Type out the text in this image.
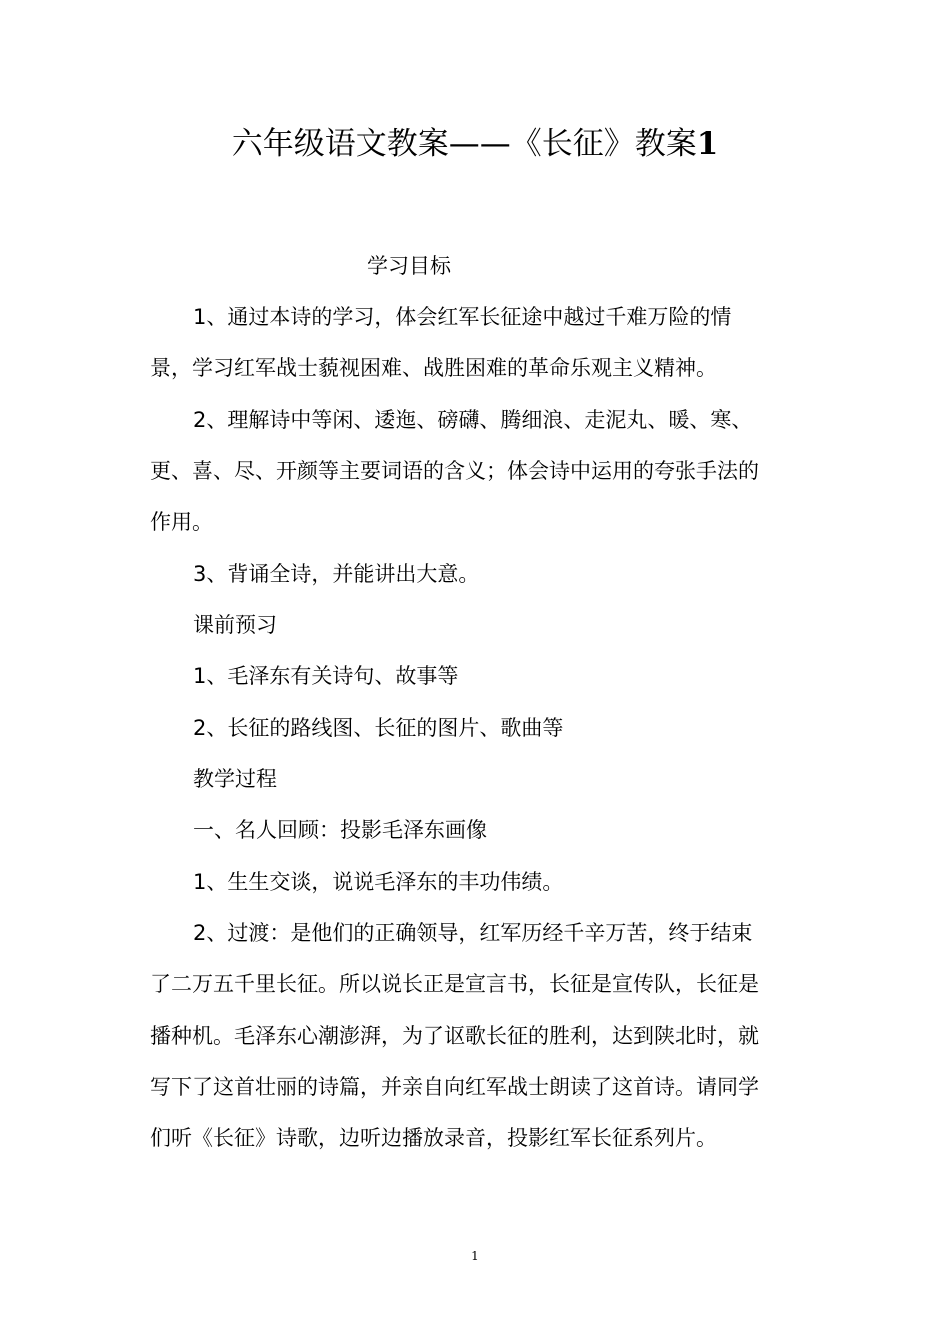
六年级语文教案——《长征》教案1
学习目标
1、通过本诗的学习，体会红军长征途中越过千难万险的情
景，学习红军战士藐视困难、战胜困难的革命乐观主义精神。
2、理解诗中等闲、逶迤、磅礴、腾细浪、走泥丸、暖、寒、
更、喜、尽、开颜等主要词语的含义；体会诗中运用的夸张手法的
作用。
3、背诵全诗，并能讲出大意。
课前预习
1、毛泽东有关诗句、故事等
2、长征的路线图、长征的图片、歌曲等
教学过程
一、名人回顾：投影毛泽东画像
1、生生交谈，说说毛泽东的丰功伟绩。
2、过渡：是他们的正确领导，红军历经千辛万苦，终于结束
了二万五千里长征。所以说长正是宣言书，长征是宣传队，长征是
播种机。毛泽东心潮澎湃，为了讴歌长征的胜利，达到陕北时，就
写下了这首壮丽的诗篇，并亲自向红军战士朗读了这首诗。请同学
们听《长征》诗歌，边听边播放录音，投影红军长征系列片。
1
